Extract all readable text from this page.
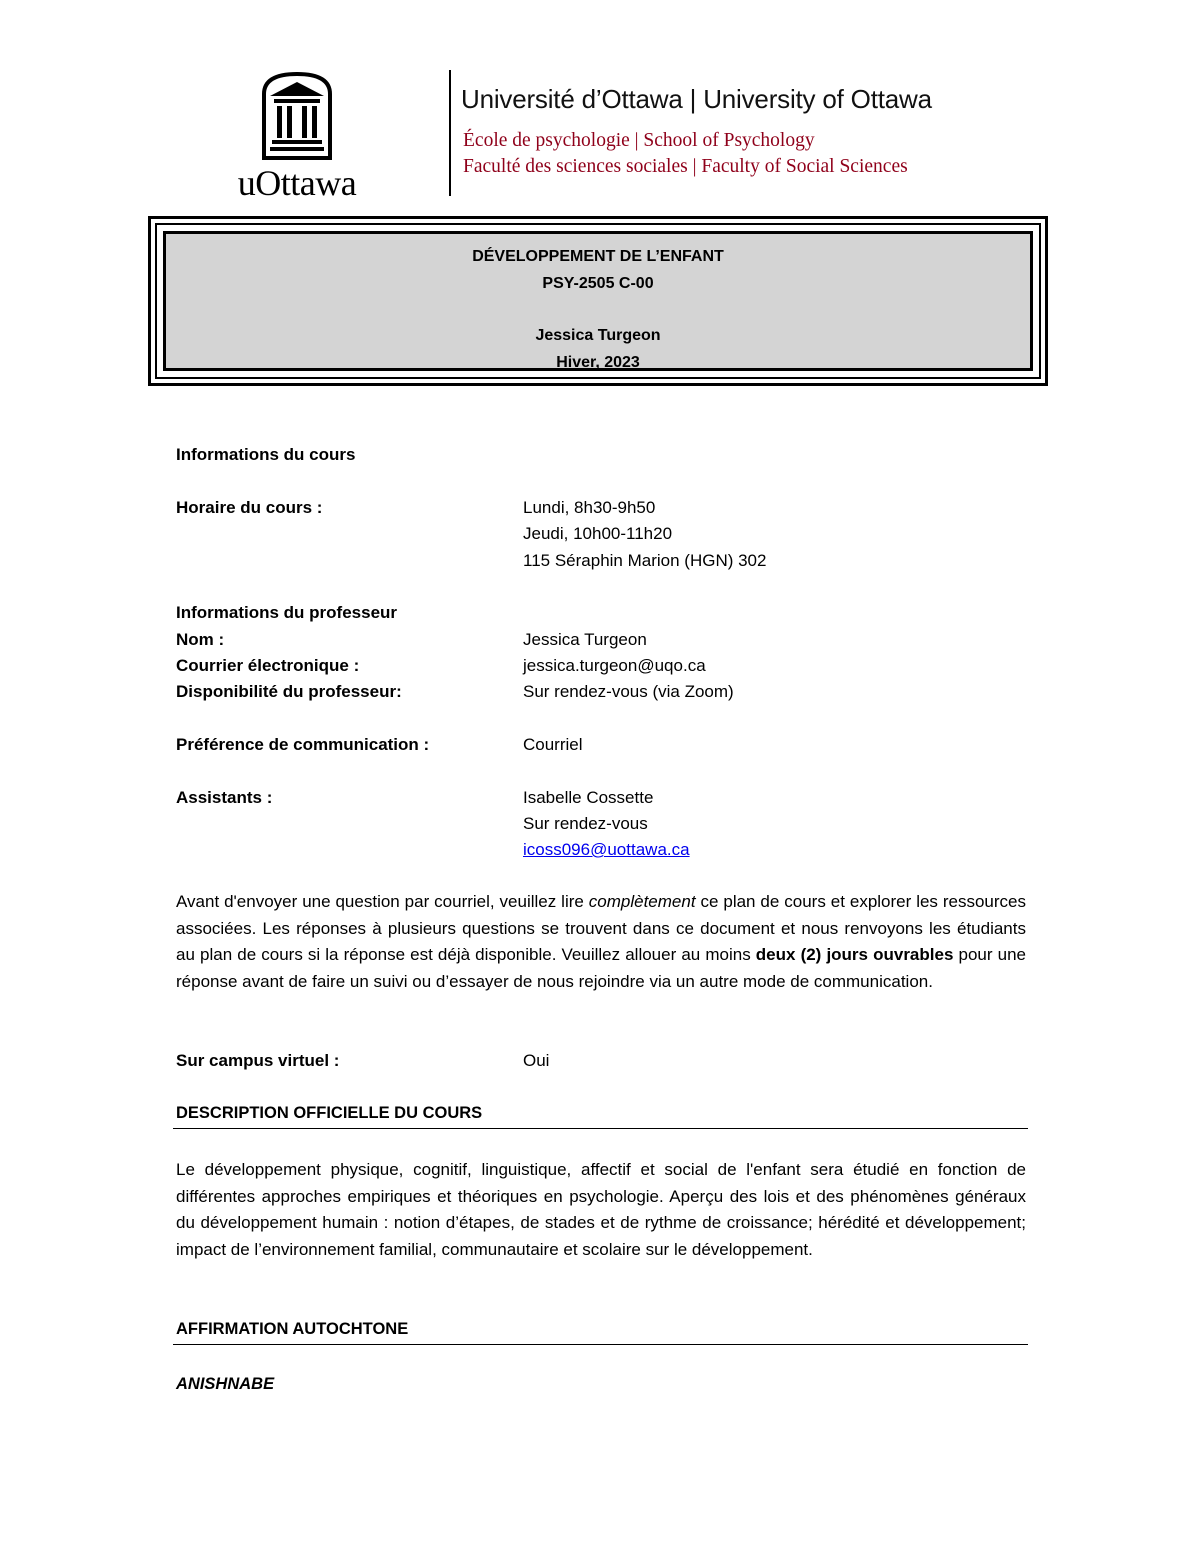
uOttawa
Université d’Ottawa | University of Ottawa
École de psychologie | School of Psychology
Faculté des sciences sociales | Faculty of Social Sciences
DÉVELOPPEMENT DE L’ENFANT
PSY-2505 C-00
Jessica Turgeon
Hiver, 2023
Informations du cours
Horaire du cours :	Lundi, 8h30-9h50
Jeudi, 10h00-11h20
115 Séraphin Marion (HGN) 302
Informations du professeur
Nom :	Jessica Turgeon
Courrier électronique :	jessica.turgeon@uqo.ca
Disponibilité du professeur:	Sur rendez-vous (via Zoom)
Préférence de communication :	Courriel
Assistants :	Isabelle Cossette
Sur rendez-vous
icoss096@uottawa.ca
Avant d'envoyer une question par courriel, veuillez lire complètement ce plan de cours et explorer les ressources associées. Les réponses à plusieurs questions se trouvent dans ce document et nous renvoyons les étudiants au plan de cours si la réponse est déjà disponible. Veuillez allouer au moins deux (2) jours ouvrables pour une réponse avant de faire un suivi ou d’essayer de nous rejoindre via un autre mode de communication.
Sur campus virtuel :	Oui
DESCRIPTION OFFICIELLE DU COURS
Le développement physique, cognitif, linguistique, affectif et social de l'enfant sera étudié en fonction de différentes approches empiriques et théoriques en psychologie. Aperçu des lois et des phénomènes généraux du développement humain : notion d’étapes, de stades et de rythme de croissance; hérédité et développement; impact de l’environnement familial, communautaire et scolaire sur le développement.
AFFIRMATION AUTOCHTONE
ANISHNABE
